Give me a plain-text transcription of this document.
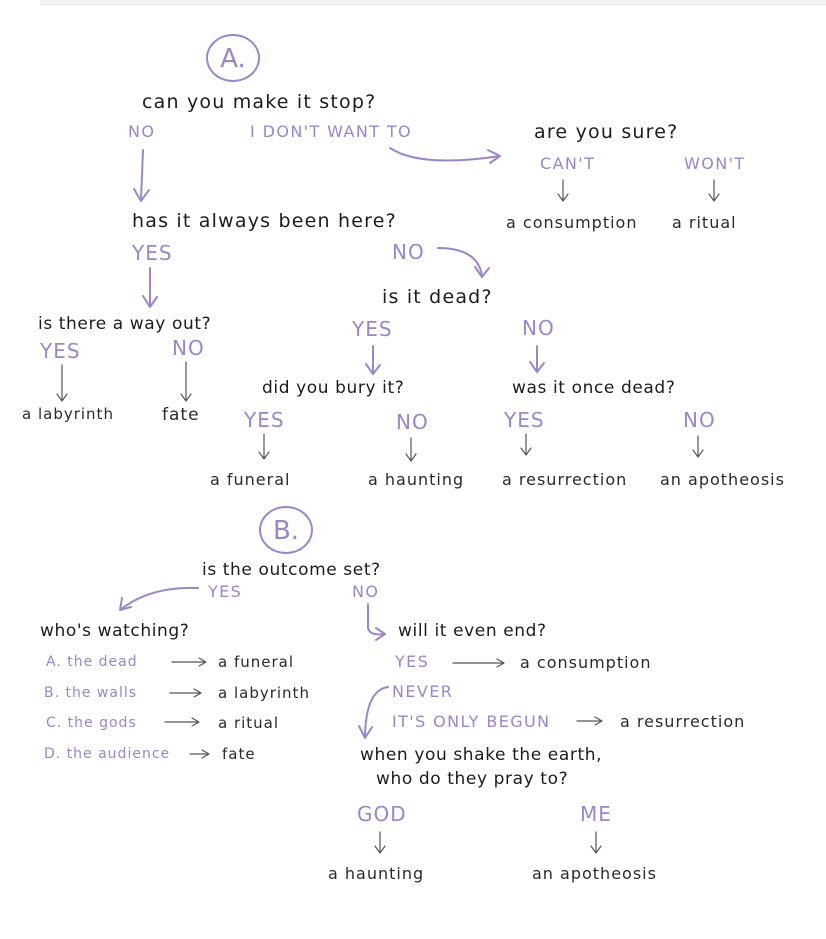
A.
can you make it stop?
NO	I DON'T WANT TO	are you sure?
CAN'T	WON'T
a consumption a ritual
has it always been here?
YES	NO
is there a way out?
YES	NO
a labyrinth	fate
is it dead?
YES	NO
did you bury it?
YES	NO
a funeral	a haunting
was it once dead?
YES	NO
a resurrection an apotheosis
B.
is the outcome set?
YES	NO
who's watching?
A. the dead	a funeral
B. the walls	a labyrinth
C. the gods	a ritual
D. the audience	fate
will it even end?
YES	a consumption
NEVER
IT'S ONLY BEGUN	a resurrection
when you shake the earth,
who do they pray to?
GOD	ME
a haunting	an apotheosis
